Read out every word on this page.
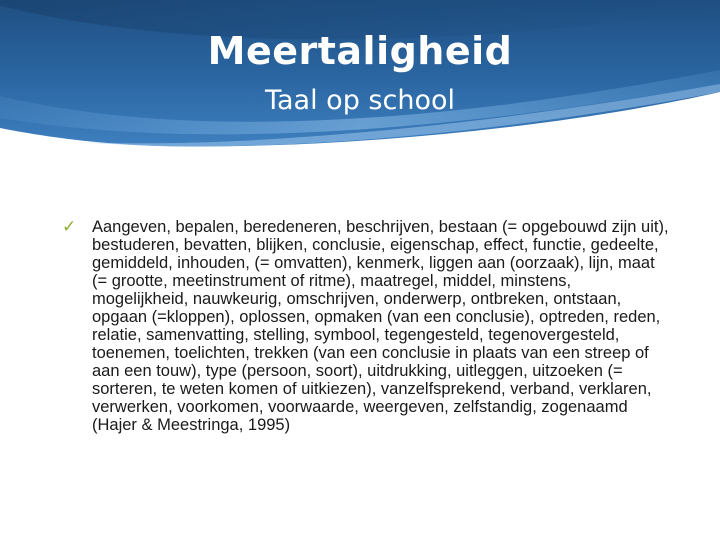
Meertaligheid
Taal op school
✓ Aangeven, bepalen, beredeneren, beschrijven, bestaan (= opgebouwd zijn uit), bestuderen, bevatten, blijken, conclusie, eigenschap, effect, functie, gedeelte, gemiddeld, inhouden, (= omvatten), kenmerk, liggen aan (oorzaak), lijn, maat (= grootte, meetinstrument of ritme), maatregel, middel, minstens, mogelijkheid, nauwkeurig, omschrijven, onderwerp, ontbreken, ontstaan, opgaan (=kloppen), oplossen, opmaken (van een conclusie), optreden, reden, relatie, samenvatting, stelling, symbool, tegengesteld, tegenovergesteld, toenemen, toelichten, trekken (van een conclusie in plaats van een streep of aan een touw), type (persoon, soort), uitdrukking, uitleggen, uitzoeken (= sorteren, te weten komen of uitkiezen), vanzelfsprekend, verband, verklaren, verwerken, voorkomen, voorwaarde, weergeven, zelfstandig, zogenaamd (Hajer & Meestringa, 1995)
